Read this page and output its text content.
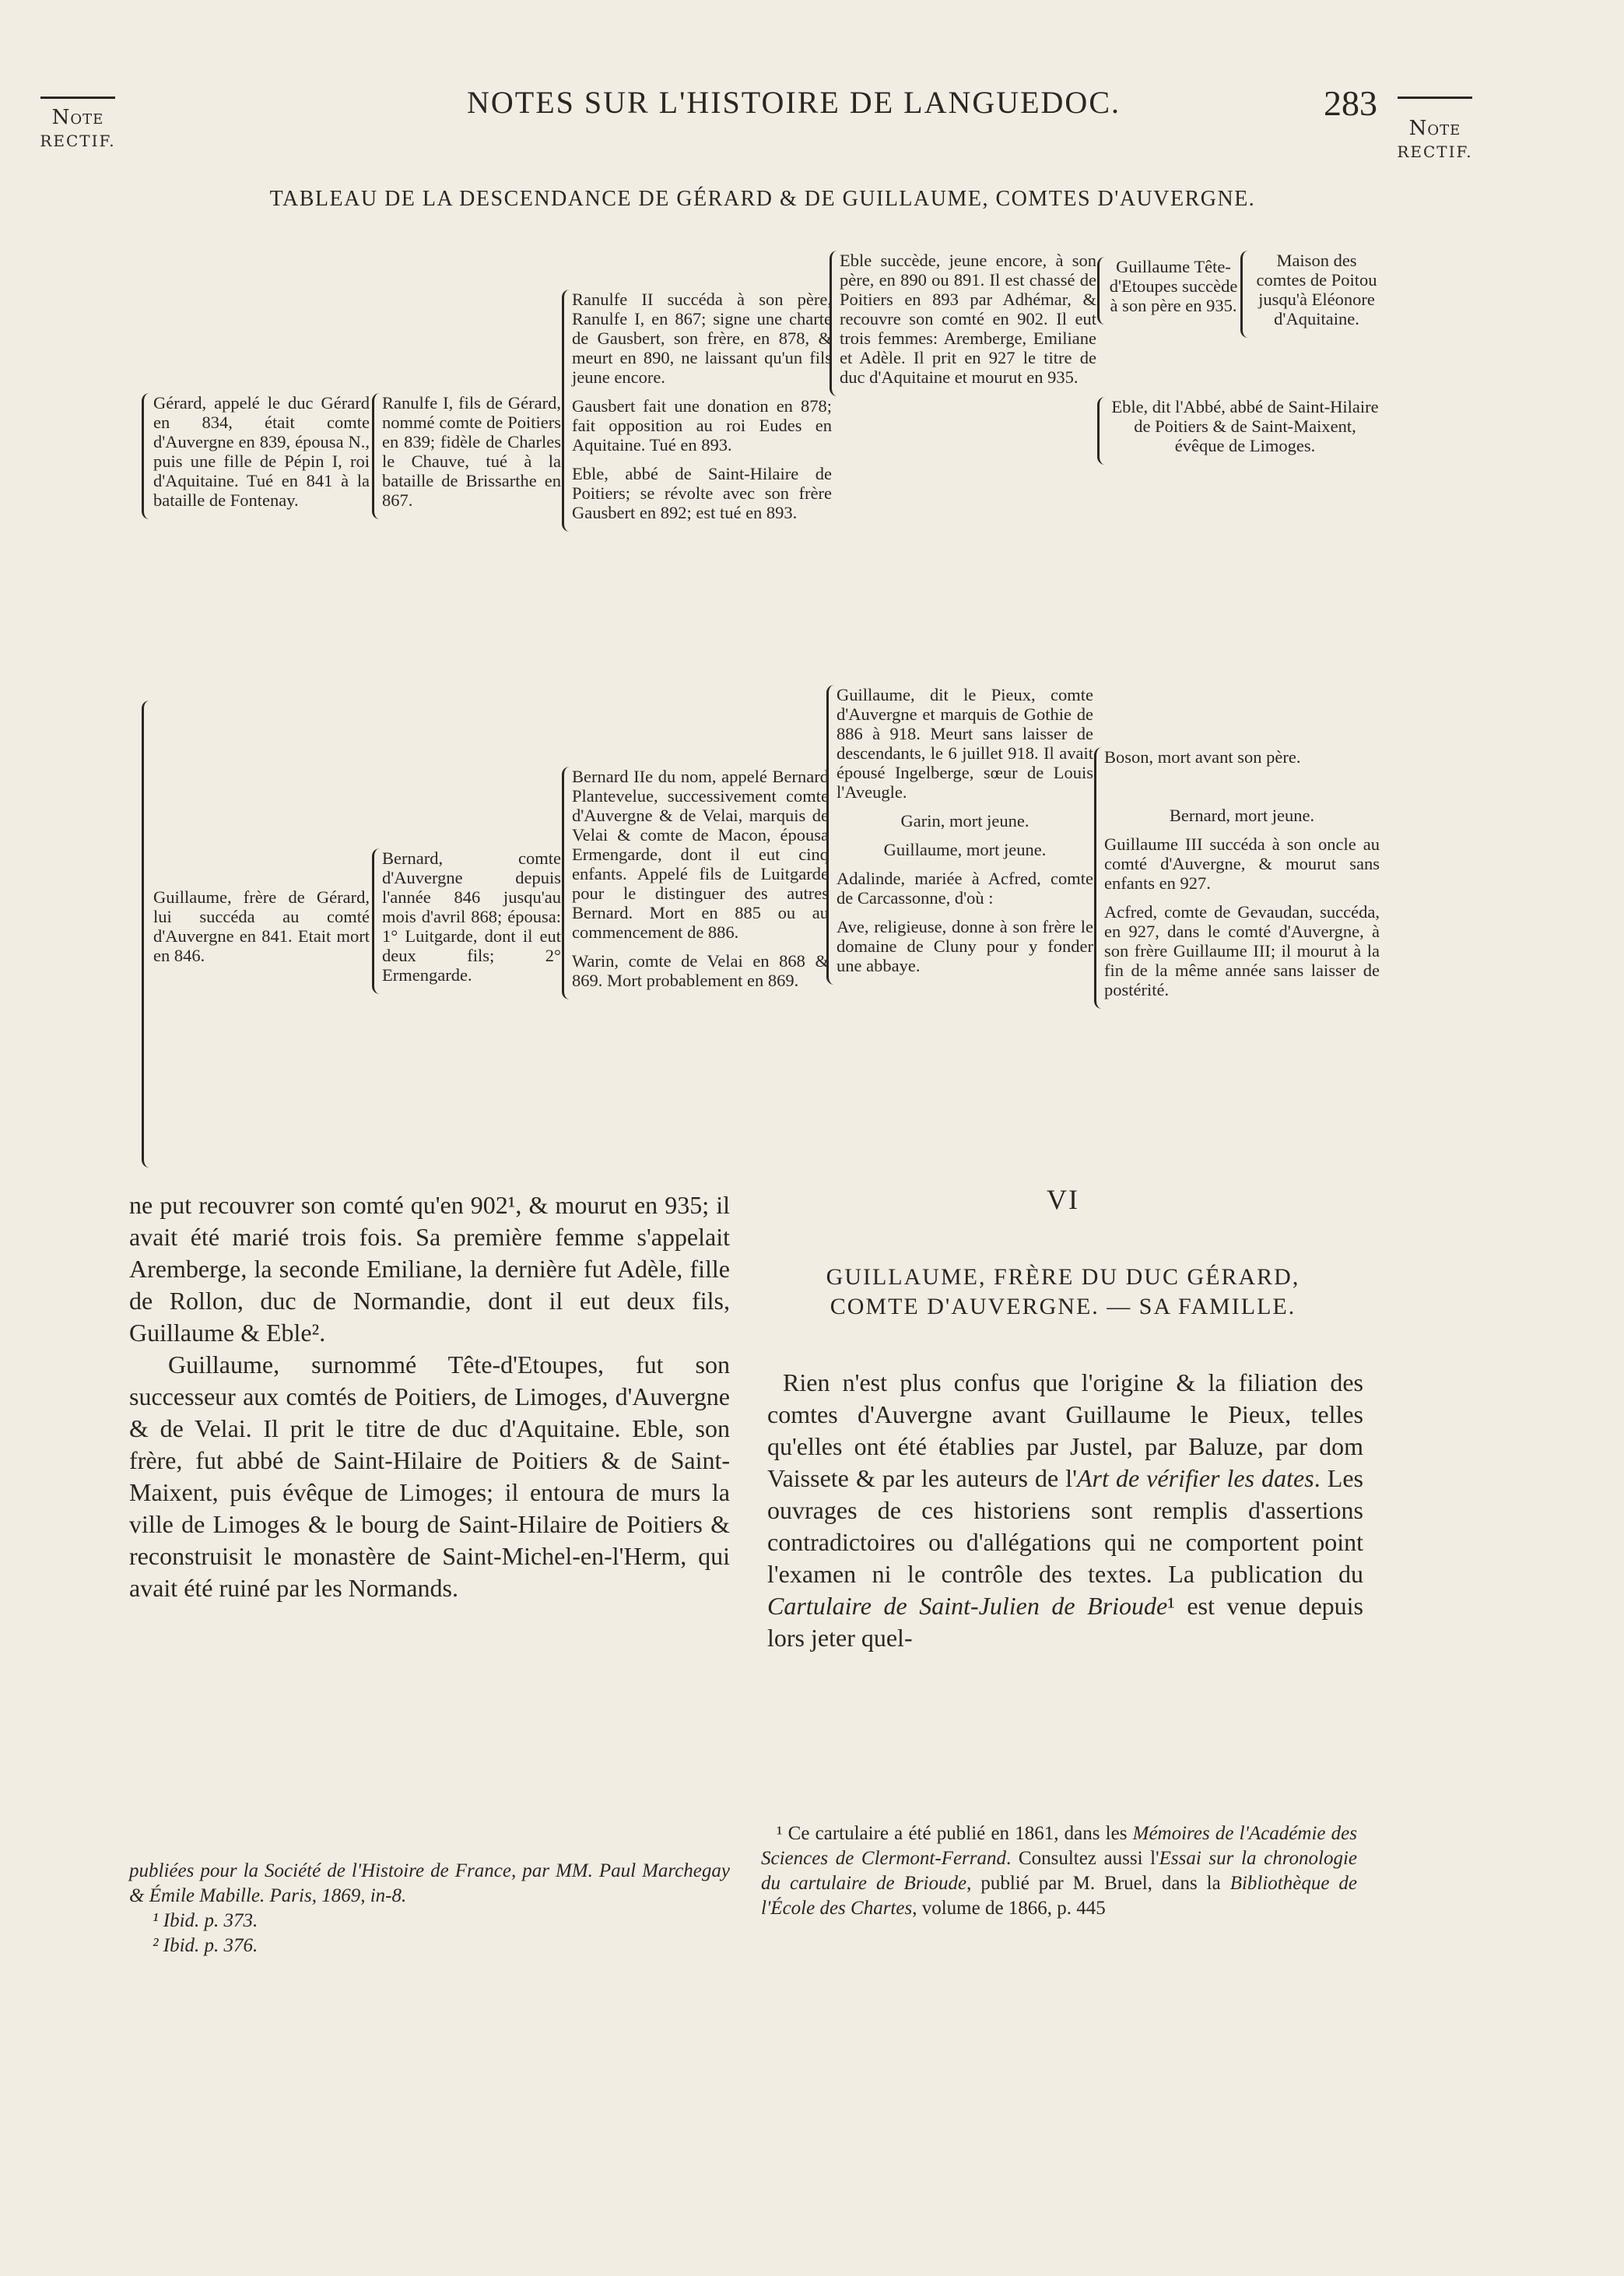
Note
RECTIF.
Note
RECTIF.
NOTES SUR L'HISTOIRE DE LANGUEDOC.	283
TABLEAU DE LA DESCENDANCE DE GÉRARD & DE GUILLAUME, COMTES D'AUVERGNE.

Gérard, appelé le duc Gérard en 834, était comte d'Auvergne en 839, épousa N., puis une fille de Pépin I, roi d'Aquitaine. Tué en 841 à la bataille de Fontenay.

Ranulfe I, fils de Gérard, nommé comte de Poitiers en 839; fidèle de Charles le Chauve, tué à la bataille de Brissarthe en 867.

Ranulfe II succéda à son père, Ranulfe I, en 867; signe une charte de Gausbert, son frère, en 878, & meurt en 890, ne laissant qu'un fils jeune encore.

Gausbert fait une donation en 878; fait opposition au roi Eudes en Aquitaine. Tué en 893.

Eble, abbé de Saint-Hilaire de Poitiers; se révolte avec son frère Gausbert en 892; est tué en 893.

Eble succède, jeune encore, à son père, en 890 ou 891. Il est chassé de Poitiers en 893 par Adhémar, & recouvre son comté en 902. Il eut trois femmes: Aremberge, Emiliane et Adèle. Il prit en 927 le titre de duc d'Aquitaine et mourut en 935.

Guillaume Tête-d'Etoupes succède à son père en 935.

Maison des comtes de Poitou jusqu'à Eléonore d'Aquitaine.

Eble, dit l'Abbé, abbé de Saint-Hilaire de Poitiers & de Saint-Maixent, évêque de Limoges.

Guillaume, frère de Gérard, lui succéda au comté d'Auvergne en 841. Etait mort en 846.

Bernard, comte d'Auvergne depuis l'année 846 jusqu'au mois d'avril 868; épousa: 1° Luitgarde, dont il eut deux fils; 2° Ermengarde.

Bernard IIe du nom, appelé Bernard Plantevelue, successivement comte d'Auvergne & de Velai, marquis de Velai & comte de Macon, épousa Ermengarde, dont il eut cinq enfants. Appelé fils de Luitgarde pour le distinguer des autres Bernard. Mort en 885 ou au commencement de 886.

Warin, comte de Velai en 868 & 869. Mort probablement en 869.

Guillaume, dit le Pieux, comte d'Auvergne et marquis de Gothie de 886 à 918. Meurt sans laisser de descendants, le 6 juillet 918. Il avait épousé Ingelberge, sœur de Louis l'Aveugle.

Garin, mort jeune.

Guillaume, mort jeune.

Adalinde, mariée à Acfred, comte de Carcassonne, d'où :

Ave, religieuse, donne à son frère le domaine de Cluny pour y fonder une abbaye.

Boson, mort avant son père.

Bernard, mort jeune.

Guillaume III succéda à son oncle au comté d'Auvergne, & mourut sans enfants en 927.

Acfred, comte de Gevaudan, succéda, en 927, dans le comté d'Auvergne, à son frère Guillaume III; il mourut à la fin de la même année sans laisser de postérité.

ne put recouvrer son comté qu'en 902¹, & mourut en 935; il avait été marié trois fois. Sa première femme s'appelait Aremberge, la seconde Emiliane, la dernière fut Adèle, fille de Rollon, duc de Normandie, dont il eut deux fils, Guillaume & Eble².

Guillaume, surnommé Tête-d'Etoupes, fut son successeur aux comtés de Poitiers, de Limoges, d'Auvergne & de Velai. Il prit le titre de duc d'Aquitaine. Eble, son frère, fut abbé de Saint-Hilaire de Poitiers & de Saint-Maixent, puis évêque de Limoges; il entoura de murs la ville de Limoges & le bourg de Saint-Hilaire de Poitiers & reconstruisit le monastère de Saint-Michel-en-l'Herm, qui avait été ruiné par les Normands.

publiées pour la Société de l'Histoire de France, par MM. Paul Marchegay & Émile Mabille. Paris, 1869, in-8.

¹ Ibid. p. 373.

² Ibid. p. 376.

VI
GUILLAUME, FRÈRE DU DUC GÉRARD,
COMTE D'AUVERGNE. — SA FAMILLE.

Rien n'est plus confus que l'origine & la filiation des comtes d'Auvergne avant Guillaume le Pieux, telles qu'elles ont été établies par Justel, par Baluze, par dom Vaissete & par les auteurs de l'Art de vérifier les dates. Les ouvrages de ces historiens sont remplis d'assertions contradictoires ou d'allégations qui ne comportent point l'examen ni le contrôle des textes. La publication du Cartulaire de Saint-Julien de Brioude¹ est venue depuis lors jeter quel-

¹ Ce cartulaire a été publié en 1861, dans les Mémoires de l'Académie des Sciences de Clermont-Ferrand. Consultez aussi l'Essai sur la chronologie du cartulaire de Brioude, publié par M. Bruel, dans la Bibliothèque de l'École des Chartes, volume de 1866, p. 445
